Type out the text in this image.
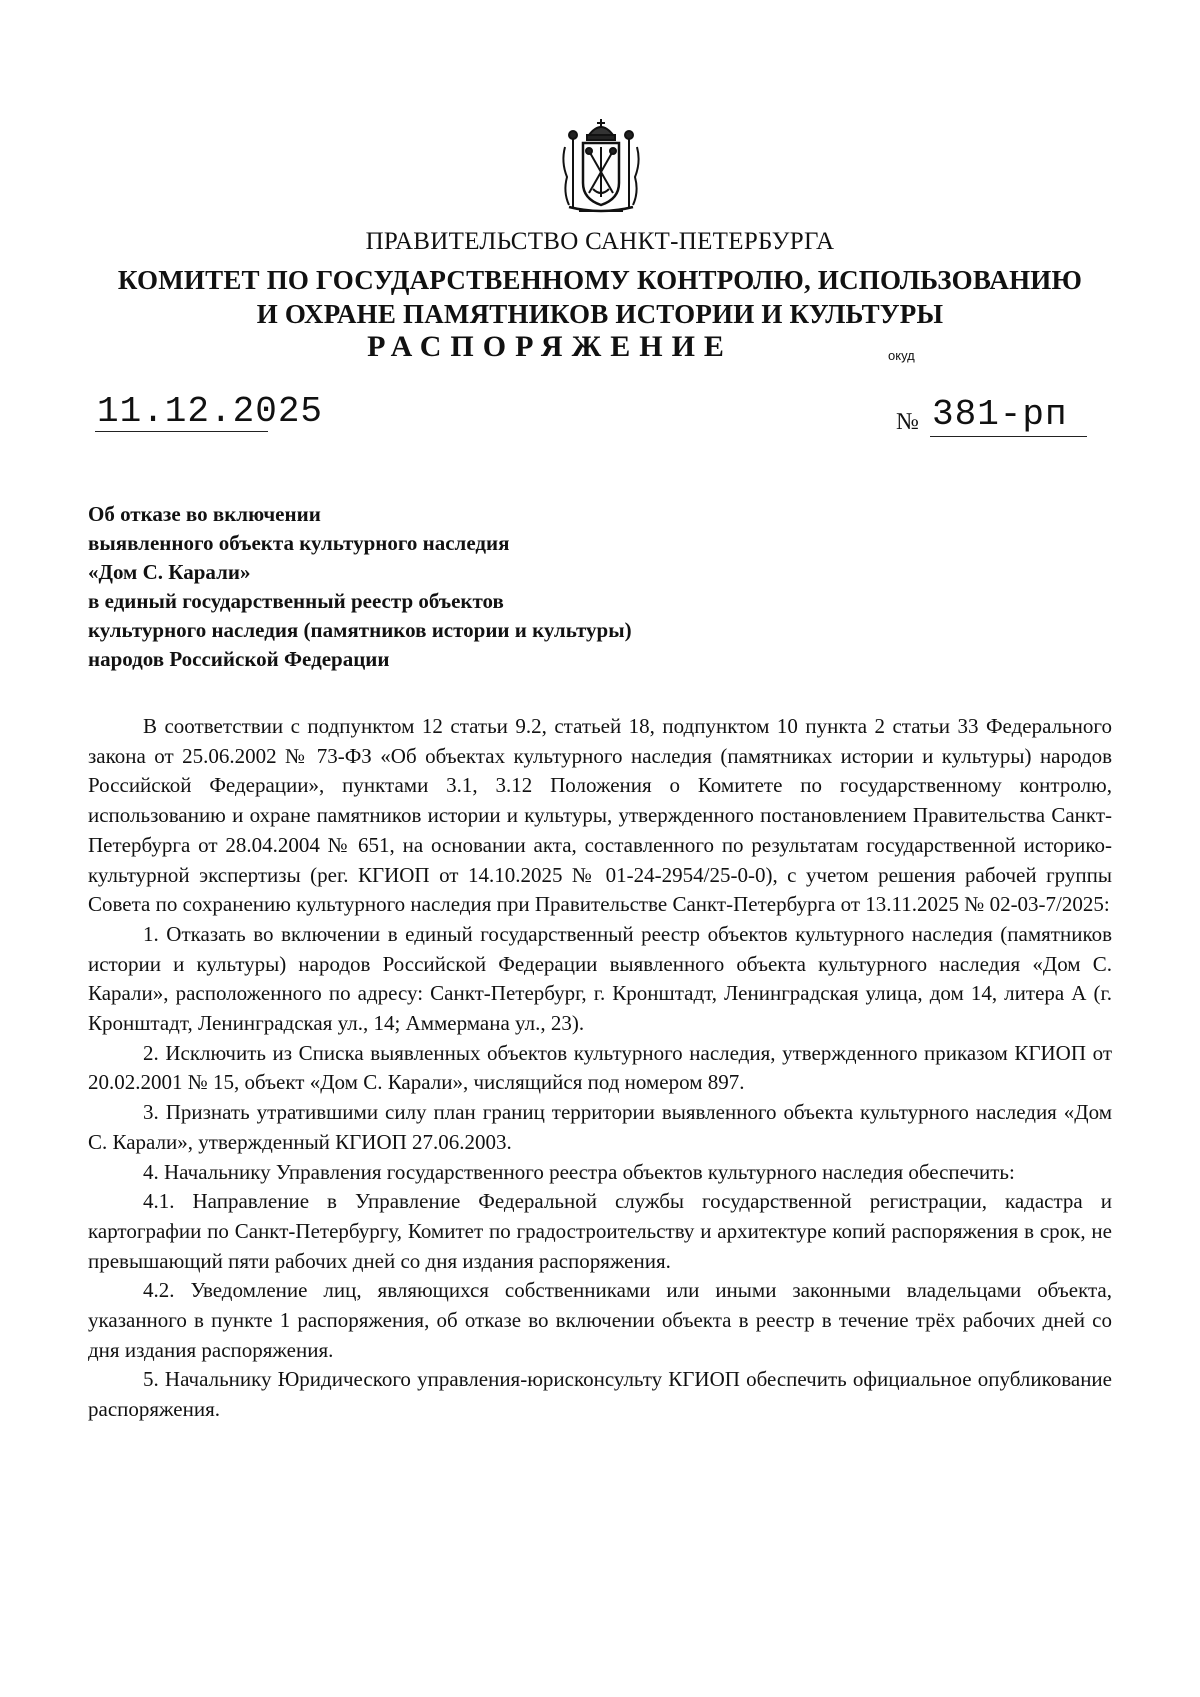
ПРАВИТЕЛЬСТВО САНКТ-ПЕТЕРБУРГА
КОМИТЕТ ПО ГОСУДАРСТВЕННОМУ КОНТРОЛЮ, ИСПОЛЬЗОВАНИЮ
И ОХРАНЕ ПАМЯТНИКОВ ИСТОРИИ И КУЛЬТУРЫ
РАСПОРЯЖЕНИЕ	окуд
11.12.2025	№ 381-рп
Об отказе во включении
выявленного объекта культурного наследия
«Дом С. Карали»
в единый государственный реестр объектов
культурного наследия (памятников истории и культуры)
народов Российской Федерации

В соответствии с подпунктом 12 статьи 9.2, статьей 18, подпунктом 10 пункта 2 статьи 33 Федерального закона от 25.06.2002 № 73-ФЗ «Об объектах культурного наследия (памятниках истории и культуры) народов Российской Федерации», пунктами 3.1, 3.12 Положения о Комитете по государственному контролю, использованию и охране памятников истории и культуры, утвержденного постановлением Правительства Санкт-Петербурга от 28.04.2004 № 651, на основании акта, составленного по результатам государственной историко-культурной экспертизы (рег. КГИОП от 14.10.2025 № 01-24-2954/25-0-0), с учетом решения рабочей группы Совета по сохранению культурного наследия при Правительстве Санкт-Петербурга от 13.11.2025 № 02-03-7/2025:

1. Отказать во включении в единый государственный реестр объектов культурного наследия (памятников истории и культуры) народов Российской Федерации выявленного объекта культурного наследия «Дом С. Карали», расположенного по адресу: Санкт-Петербург, г. Кронштадт, Ленинградская улица, дом 14, литера А (г. Кронштадт, Ленинградская ул., 14; Аммермана ул., 23).

2. Исключить из Списка выявленных объектов культурного наследия, утвержденного приказом КГИОП от 20.02.2001 № 15, объект «Дом С. Карали», числящийся под номером 897.

3. Признать утратившими силу план границ территории выявленного объекта культурного наследия «Дом С. Карали», утвержденный КГИОП 27.06.2003.

4. Начальнику Управления государственного реестра объектов культурного наследия обеспечить:

4.1. Направление в Управление Федеральной службы государственной регистрации, кадастра и картографии по Санкт-Петербургу, Комитет по градостроительству и архитектуре копий распоряжения в срок, не превышающий пяти рабочих дней со дня издания распоряжения.

4.2. Уведомление лиц, являющихся собственниками или иными законными владельцами объекта, указанного в пункте 1 распоряжения, об отказе во включении объекта в реестр в течение трёх рабочих дней со дня издания распоряжения.

5. Начальнику Юридического управления-юрисконсульту КГИОП обеспечить официальное опубликование распоряжения.
